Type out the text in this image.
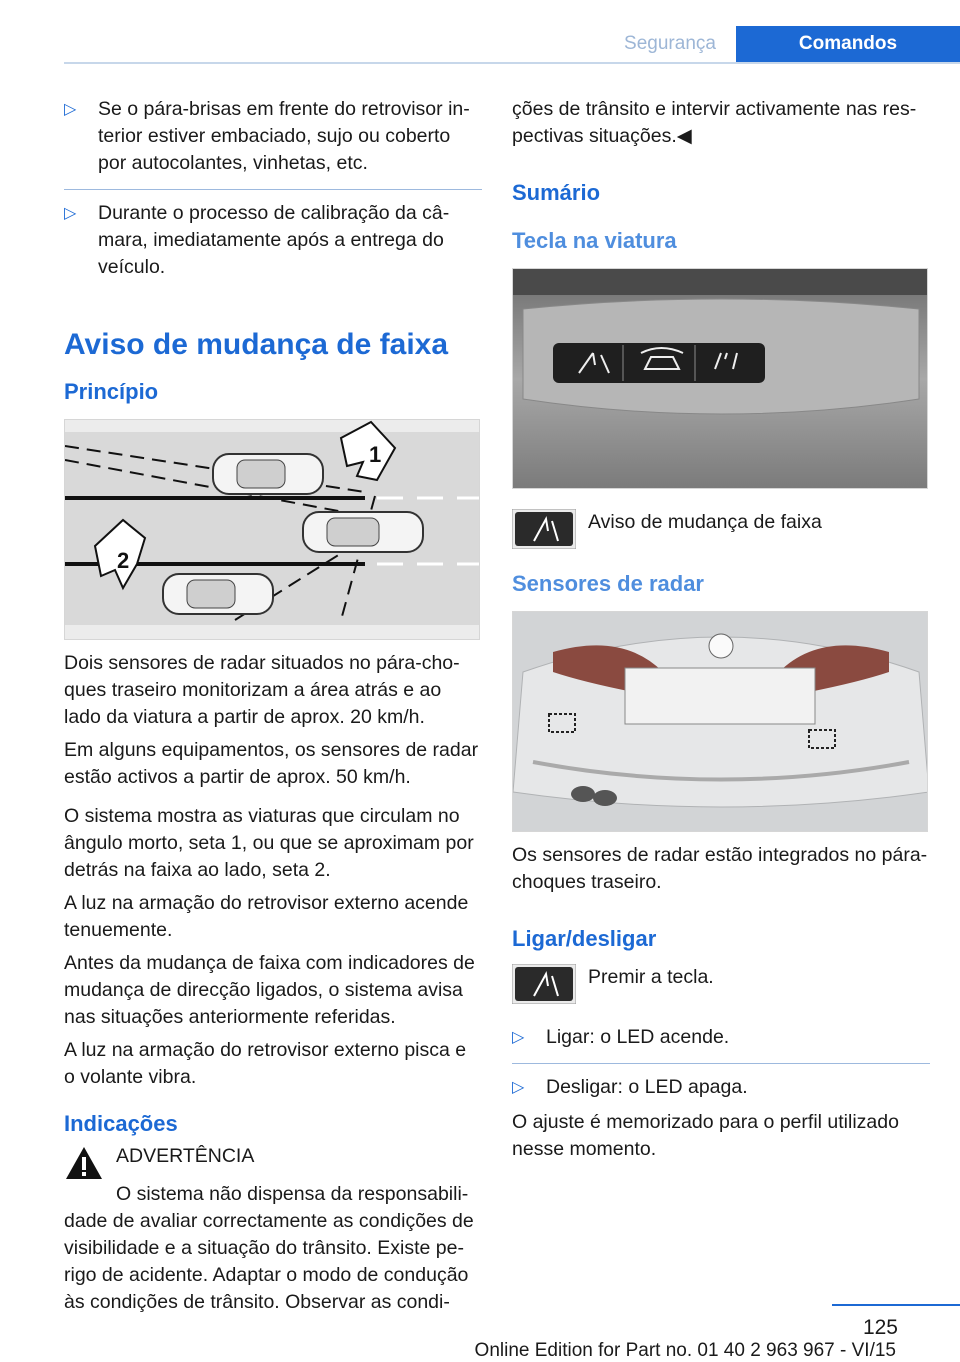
Segurança	Comandos
▷ Se o pára-brisas em frente do retrovisor interior estiver embaciado, sujo ou coberto por autocolantes, vinhetas, etc.
▷ Durante o processo de calibração da câmara, imediatamente após a entrega do veículo.
Aviso de mudança de faixa
Princípio
1
2

Dois sensores de radar situados no pára-choques traseiro monitorizam a área atrás e ao lado da viatura a partir de aprox. 20 km/h.

Em alguns equipamentos, os sensores de radar estão activos a partir de aprox. 50 km/h.

O sistema mostra as viaturas que circulam no ângulo morto, seta 1, ou que se aproximam por detrás na faixa ao lado, seta 2.

A luz na armação do retrovisor externo acende tenuemente.

Antes da mudança de faixa com indicadores de mudança de direcção ligados, o sistema avisa nas situações anteriormente referidas.

A luz na armação do retrovisor externo pisca e o volante vibra.

Indicações
ADVERTÊNCIA

O sistema não dispensa da responsabilidade de avaliar correctamente as condições de visibilidade e a situação do trânsito. Existe perigo de acidente. Adaptar o modo de condução às condições de trânsito. Observar as condi-

ções de trânsito e intervir activamente nas respectivas situações.◀

Sumário
Tecla na viatura
Aviso de mudança de faixa
Sensores de radar

Os sensores de radar estão integrados no pára-choques traseiro.

Ligar/desligar
Premir a tecla.
▷ Ligar: o LED acende.
▷ Desligar: o LED apaga.

O ajuste é memorizado para o perfil utilizado nesse momento.

125
Online Edition for Part no. 01 40 2 963 967 - VI/15
